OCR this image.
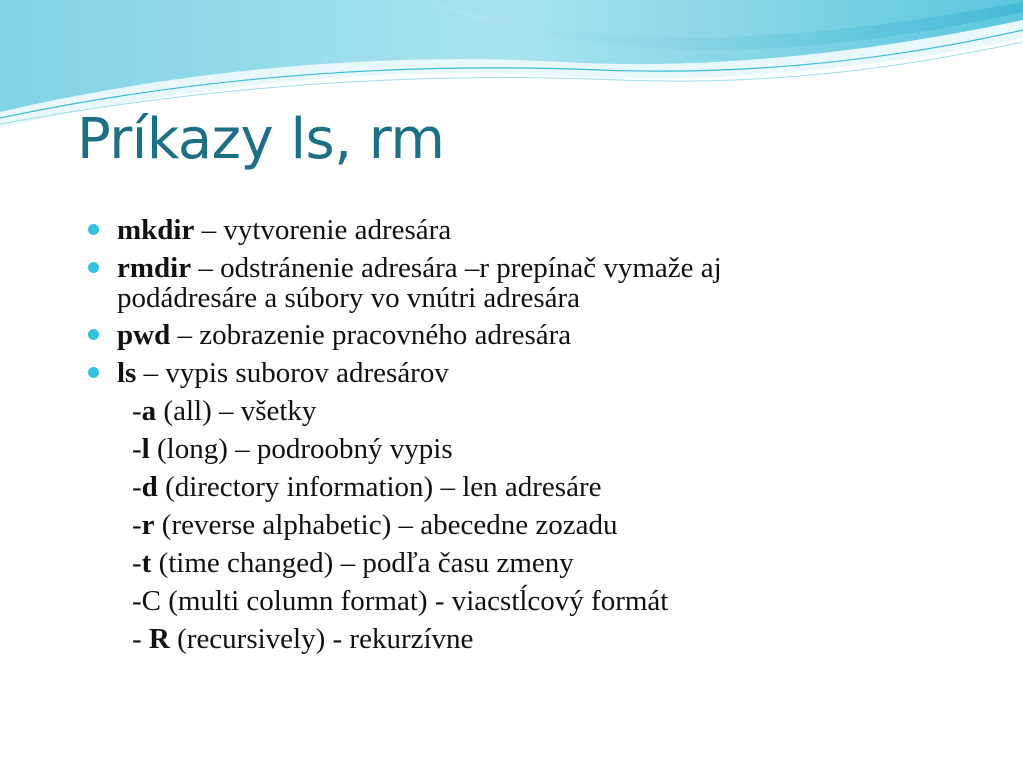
Príkazy ls, rm
mkdir – vytvorenie adresára
rmdir – odstránenie adresára –r prepínač vymaže aj
podádresáre a súbory vo vnútri adresára
pwd – zobrazenie pracovného adresára
ls – vypis suborov adresárov
-a (all) – všetky
-l (long) – podroobný vypis
-d (directory information) – len adresáre
-r (reverse alphabetic) – abecedne zozadu
-t (time changed) – podľa času zmeny
-C (multi column format) - viacstĺcový formát
- R (recursively) - rekurzívne
